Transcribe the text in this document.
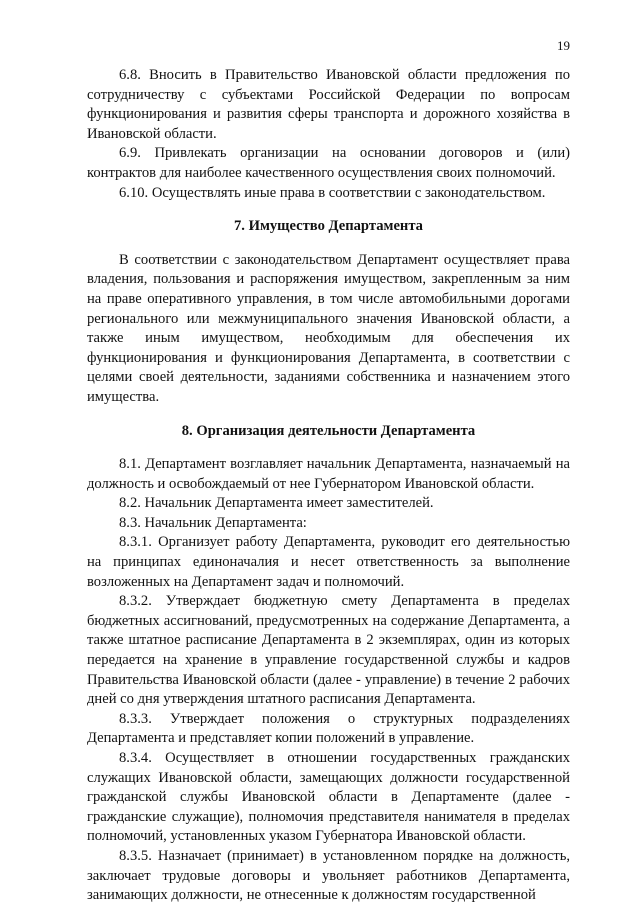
19

6.8. Вносить в Правительство Ивановской области предложения по сотрудничеству с субъектами Российской Федерации по вопросам функционирования и развития сферы транспорта и дорожного хозяйства в Ивановской области.

6.9. Привлекать организации на основании договоров и (или) контрактов для наиболее качественного осуществления своих полномочий.

6.10. Осуществлять иные права в соответствии с законодательством.

7. Имущество Департамента

В соответствии с законодательством Департамент осуществляет права владения, пользования и распоряжения имуществом, закрепленным за ним на праве оперативного управления, в том числе автомобильными дорогами регионального или межмуниципального значения Ивановской области, а также иным имуществом, необходимым для обеспечения их функционирования и функционирования Департамента, в соответствии с целями своей деятельности, заданиями собственника и назначением этого имущества.

8. Организация деятельности Департамента

8.1. Департамент возглавляет начальник Департамента, назначаемый на должность и освобождаемый от нее Губернатором Ивановской области.

8.2. Начальник Департамента имеет заместителей.

8.3. Начальник Департамента:

8.3.1. Организует работу Департамента, руководит его деятельностью на принципах единоначалия и несет ответственность за выполнение возложенных на Департамент задач и полномочий.

8.3.2. Утверждает бюджетную смету Департамента в пределах бюджетных ассигнований, предусмотренных на содержание Департамента, а также штатное расписание Департамента в 2 экземплярах, один из которых передается на хранение в управление государственной службы и кадров Правительства Ивановской области (далее - управление) в течение 2 рабочих дней со дня утверждения штатного расписания Департамента.

8.3.3. Утверждает положения о структурных подразделениях Департамента и представляет копии положений в управление.

8.3.4. Осуществляет в отношении государственных гражданских служащих Ивановской области, замещающих должности государственной гражданской службы Ивановской области в Департаменте (далее - гражданские служащие), полномочия представителя нанимателя в пределах полномочий, установленных указом Губернатора Ивановской области.

8.3.5. Назначает (принимает) в установленном порядке на должность, заключает трудовые договоры и увольняет работников Департамента, занимающих должности, не отнесенные к должностям государственной
